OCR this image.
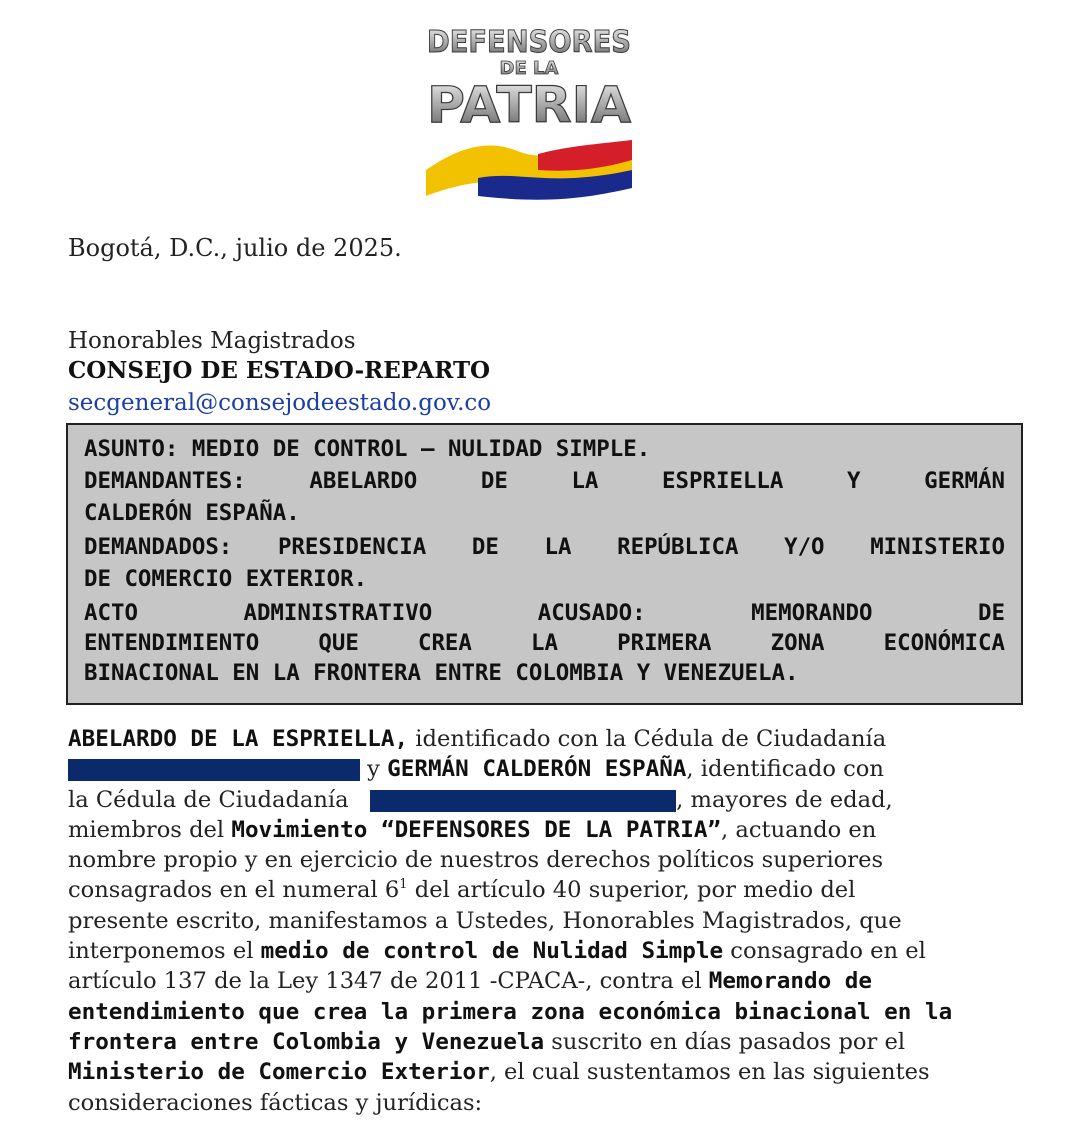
DEFENSORES
DE LA
PATRIA

Bogotá, D.C., julio de 2025.

Honorables Magistrados

CONSEJO DE ESTADO-REPARTO

secgeneral@consejodeestado.gov.co

ASUNTO: MEDIO DE CONTROL – NULIDAD SIMPLE.
DEMANDANTES: ABELARDO DE LA ESPRIELLA Y GERMÁN
CALDERÓN ESPAÑA.
DEMANDADOS: PRESIDENCIA DE LA REPÚBLICA Y/O MINISTERIO
DE COMERCIO EXTERIOR.
ACTO ADMINISTRATIVO ACUSADO: MEMORANDO DE
ENTENDIMIENTO QUE CREA LA PRIMERA ZONA ECONÓMICA
BINACIONAL EN LA FRONTERA ENTRE COLOMBIA Y VENEZUELA.
ABELARDO DE LA ESPRIELLA, identificado con la Cédula de Ciudadanía
y GERMÁN CALDERÓN ESPAÑA, identificado con
la Cédula de Ciudadanía	, mayores de edad,
miembros del Movimiento “DEFENSORES DE LA PATRIA”, actuando en
nombre propio y en ejercicio de nuestros derechos políticos superiores
consagrados en el numeral $6^1$ del artículo 40 superior, por medio del
presente escrito, manifestamos a Ustedes, Honorables Magistrados, que
interponemos el medio de control de Nulidad Simple consagrado en el
artículo 137 de la Ley 1347 de 2011 -CPACA-, contra el Memorando de
entendimiento que crea la primera zona económica binacional en la
frontera entre Colombia y Venezuela suscrito en días pasados por el
Ministerio de Comercio Exterior, el cual sustentamos en las siguientes
consideraciones fácticas y jurídicas:
